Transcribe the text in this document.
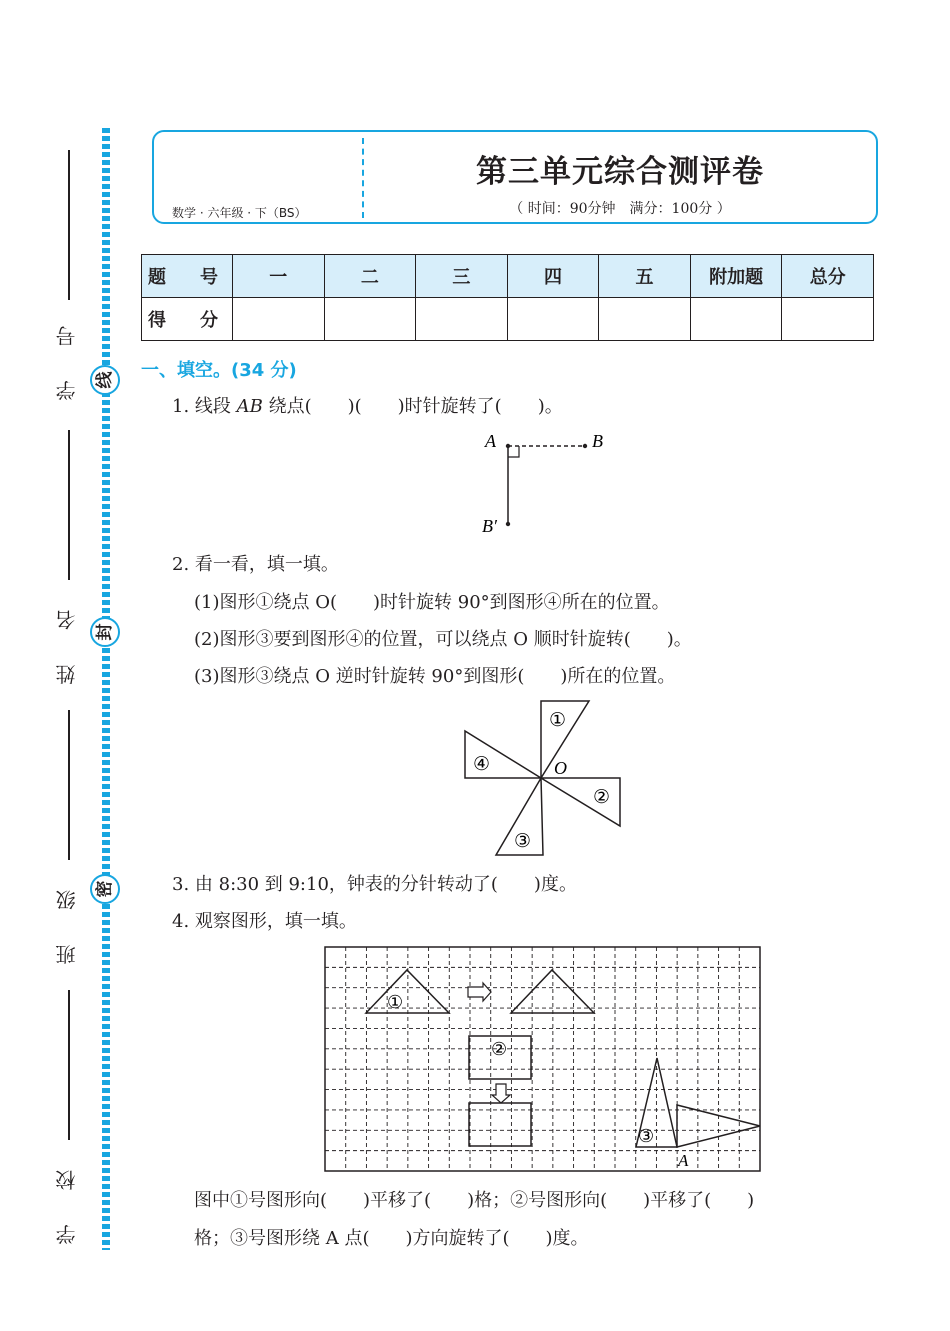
线
封
密
学 号
姓 名
班 级
学 校
数学 · 六年级 · 下（BS）
第三单元综合测评卷
（ 时间：90分钟　满分：100分 ）
题　号	一	二	三	四	五	附加题	总分
得　分							
一、填空。(34 分)
1. 线段 AB 绕点(　　)(　　)时针旋转了(　　)。
A	B
B′
2. 看一看，填一填。
(1)图形①绕点 O(　　)时针旋转 90°到图形④所在的位置。
(2)图形③要到图形④的位置，可以绕点 O 顺时针旋转(　　)。
(3)图形③绕点 O 逆时针旋转 90°到图形(　　)所在的位置。
①
②
③
④	O
3. 由 8:30 到 9:10，钟表的分针转动了(　　)度。
4. 观察图形，填一填。
①
②
③
A
图中①号图形向(　　)平移了(　　)格；②号图形向(　　)平移了(　　)
格；③号图形绕 A 点(　　)方向旋转了(　　)度。
